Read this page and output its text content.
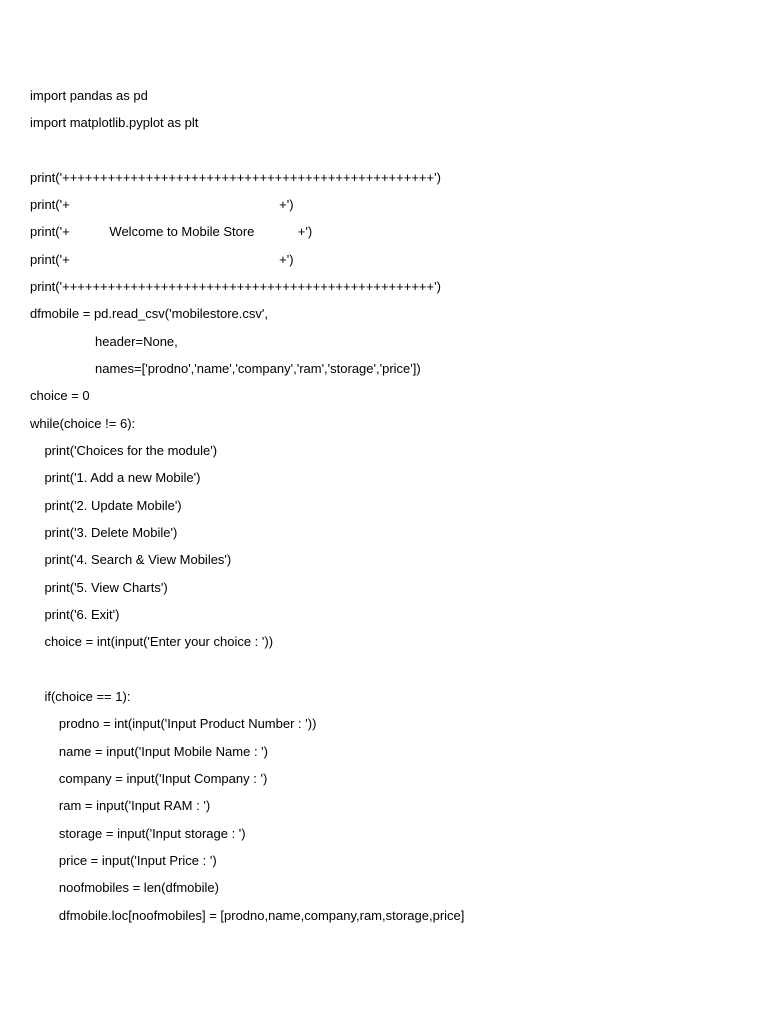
import pandas as pd
import matplotlib.pyplot as plt
print('+++++++++++++++++++++++++++++++++++++++++++++++++')
print('+                                                          +')
print('+           Welcome to Mobile Store            +')
print('+                                                          +')
print('+++++++++++++++++++++++++++++++++++++++++++++++++')
dfmobile = pd.read_csv('mobilestore.csv',
header=None,
names=['prodno','name','company','ram','storage','price'])
choice = 0
while(choice != 6):
print('Choices for the module')
print('1. Add a new Mobile')
print('2. Update Mobile')
print('3. Delete Mobile')
print('4. Search & View Mobiles')
print('5. View Charts')
print('6. Exit')
choice = int(input('Enter your choice : '))
if(choice == 1):
prodno = int(input('Input Product Number : '))
name = input('Input Mobile Name : ')
company = input('Input Company : ')
ram = input('Input RAM : ')
storage = input('Input storage : ')
price = input('Input Price : ')
noofmobiles = len(dfmobile)
dfmobile.loc[noofmobiles] = [prodno,name,company,ram,storage,price]
